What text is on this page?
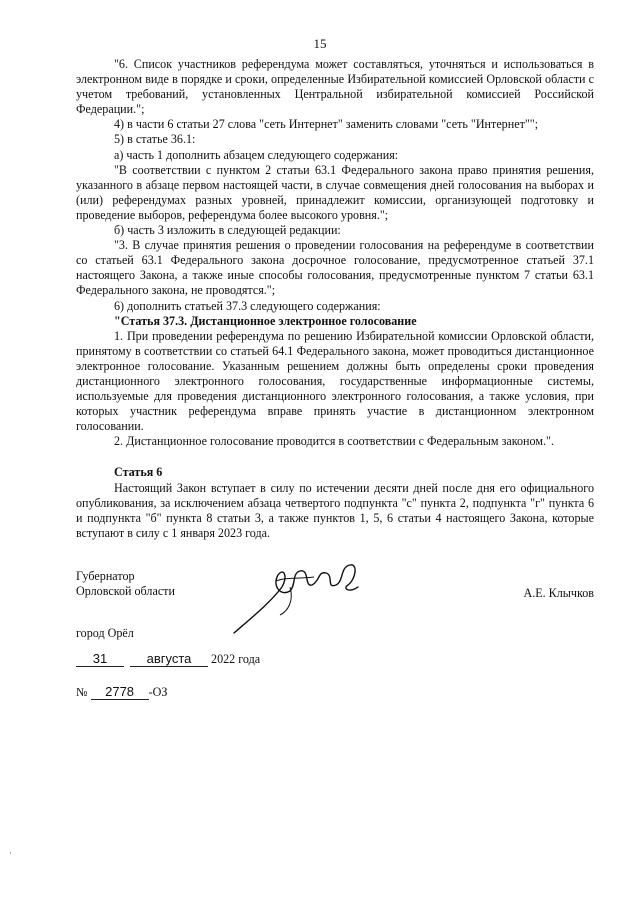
15

"6. Список участников референдума может составляться, уточняться и использоваться в электронном виде в порядке и сроки, определенные Избирательной комиссией Орловской области с учетом требований, установленных Центральной избирательной комиссией Российской Федерации.";

4) в части 6 статьи 27 слова "сеть Интернет" заменить словами "сеть "Интернет"";

5) в статье 36.1:

а) часть 1 дополнить абзацем следующего содержания:

"В соответствии с пунктом 2 статьи 63.1 Федерального закона право принятия решения, указанного в абзаце первом настоящей части, в случае совмещения дней голосования на выборах и (или) референдумах разных уровней, принадлежит комиссии, организующей подготовку и проведение выборов, референдума более высокого уровня.";

б) часть 3 изложить в следующей редакции:

"3. В случае принятия решения о проведении голосования на референдуме в соответствии со статьей 63.1 Федерального закона досрочное голосование, предусмотренное статьей 37.1 настоящего Закона, а также иные способы голосования, предусмотренные пунктом 7 статьи 63.1 Федерального закона, не проводятся.";

6) дополнить статьей 37.3 следующего содержания:

"Статья 37.3. Дистанционное электронное голосование

1. При проведении референдума по решению Избирательной комиссии Орловской области, принятому в соответствии со статьей 64.1 Федерального закона, может проводиться дистанционное электронное голосование. Указанным решением должны быть определены сроки проведения дистанционного электронного голосования, государственные информационные системы, используемые для проведения дистанционного электронного голосования, а также условия, при которых участник референдума вправе принять участие в дистанционном электронном голосовании.

2. Дистанционное голосование проводится в соответствии с Федеральным законом.".

Статья 6

Настоящий Закон вступает в силу по истечении десяти дней после дня его официального опубликования, за исключением абзаца четвертого подпункта "с" пункта 2, подпункта "г" пункта 6 и подпункта "б" пункта 8 статьи 3, а также пунктов 1, 5, 6 статьи 4 настоящего Закона, которые вступают в силу с 1 января 2023 года.

Губернатор
Орловской области	А.Е. Клычков
город Орёл
31	августа 2022 года
№ 2778 -ОЗ
